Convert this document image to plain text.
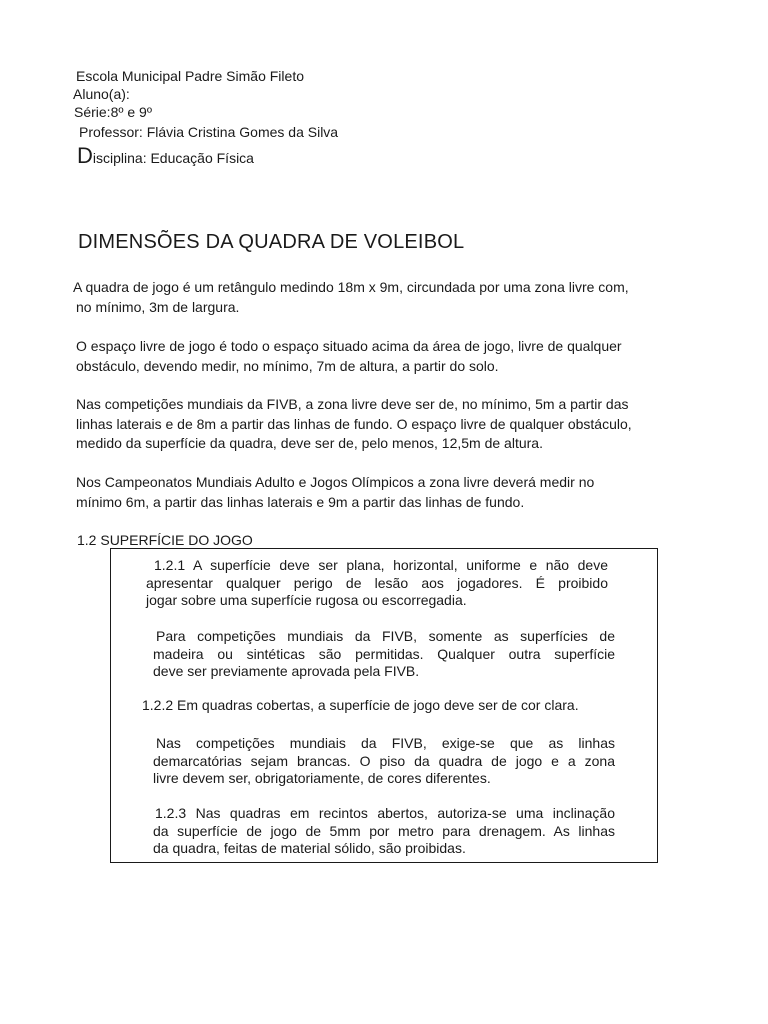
Escola Municipal Padre Simão Fileto

Aluno(a):

Série:8º e 9º

Professor: Flávia Cristina Gomes da Silva

Disciplina: Educação Física

DIMENSÕES DA QUADRA DE VOLEIBOL
A quadra de jogo é um retângulo medindo 18m x 9m, circundada por uma zona livre com,
no mínimo, 3m de largura.
O espaço livre de jogo é todo o espaço situado acima da área de jogo, livre de qualquer
obstáculo, devendo medir, no mínimo, 7m de altura, a partir do solo.
Nas competições mundiais da FIVB, a zona livre deve ser de, no mínimo, 5m a partir das
linhas laterais e de 8m a partir das linhas de fundo. O espaço livre de qualquer obstáculo,
medido da superfície da quadra, deve ser de, pelo menos, 12,5m de altura.
Nos Campeonatos Mundiais Adulto e Jogos Olímpicos a zona livre deverá medir no
mínimo 6m, a partir das linhas laterais e 9m a partir das linhas de fundo.

1.2 SUPERFÍCIE DO JOGO

1.2.1 A superfície deve ser plana, horizontal, uniforme e não deve
apresentar qualquer perigo de lesão aos jogadores. É proibido
jogar sobre uma superfície rugosa ou escorregadia.
Para competições mundiais da FIVB, somente as superfícies de
madeira ou sintéticas são permitidas. Qualquer outra superfície
deve ser previamente aprovada pela FIVB.
1.2.2 Em quadras cobertas, a superfície de jogo deve ser de cor clara.
Nas competições mundiais da FIVB, exige-se que as linhas
demarcatórias sejam brancas. O piso da quadra de jogo e a zona
livre devem ser, obrigatoriamente, de cores diferentes.
1.2.3 Nas quadras em recintos abertos, autoriza-se uma inclinação
da superfície de jogo de 5mm por metro para drenagem. As linhas
da quadra, feitas de material sólido, são proibidas.
